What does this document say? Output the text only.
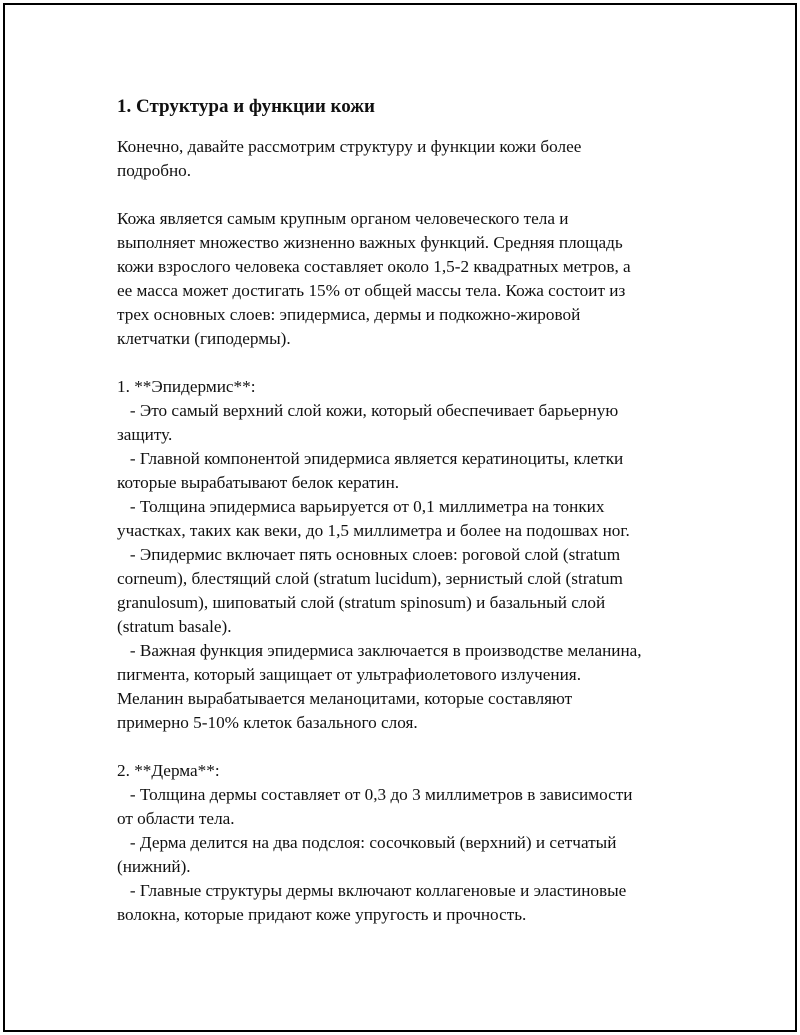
1. Структура и функции кожи
Конечно, давайте рассмотрим структуру и функции кожи более
подробно.
Кожа является самым крупным органом человеческого тела и
выполняет множество жизненно важных функций. Средняя площадь
кожи взрослого человека составляет около 1,5-2 квадратных метров, а
ее масса может достигать 15% от общей массы тела. Кожа состоит из
трех основных слоев: эпидермиса, дермы и подкожно-жировой
клетчатки (гиподермы).
1. **Эпидермис**:
- Это самый верхний слой кожи, который обеспечивает барьерную
защиту.
- Главной компонентой эпидермиса является кератиноциты, клетки
которые вырабатывают белок кератин.
- Толщина эпидермиса варьируется от 0,1 миллиметра на тонких
участках, таких как веки, до 1,5 миллиметра и более на подошвах ног.
- Эпидермис включает пять основных слоев: роговой слой (stratum
corneum), блестящий слой (stratum lucidum), зернистый слой (stratum
granulosum), шиповатый слой (stratum spinosum) и базальный слой
(stratum basale).
- Важная функция эпидермиса заключается в производстве меланина,
пигмента, который защищает от ультрафиолетового излучения.
Меланин вырабатывается меланоцитами, которые составляют
примерно 5-10% клеток базального слоя.
2. **Дерма**:
- Толщина дермы составляет от 0,3 до 3 миллиметров в зависимости
от области тела.
- Дерма делится на два подслоя: сосочковый (верхний) и сетчатый
(нижний).
- Главные структуры дермы включают коллагеновые и эластиновые
волокна, которые придают коже упругость и прочность.
